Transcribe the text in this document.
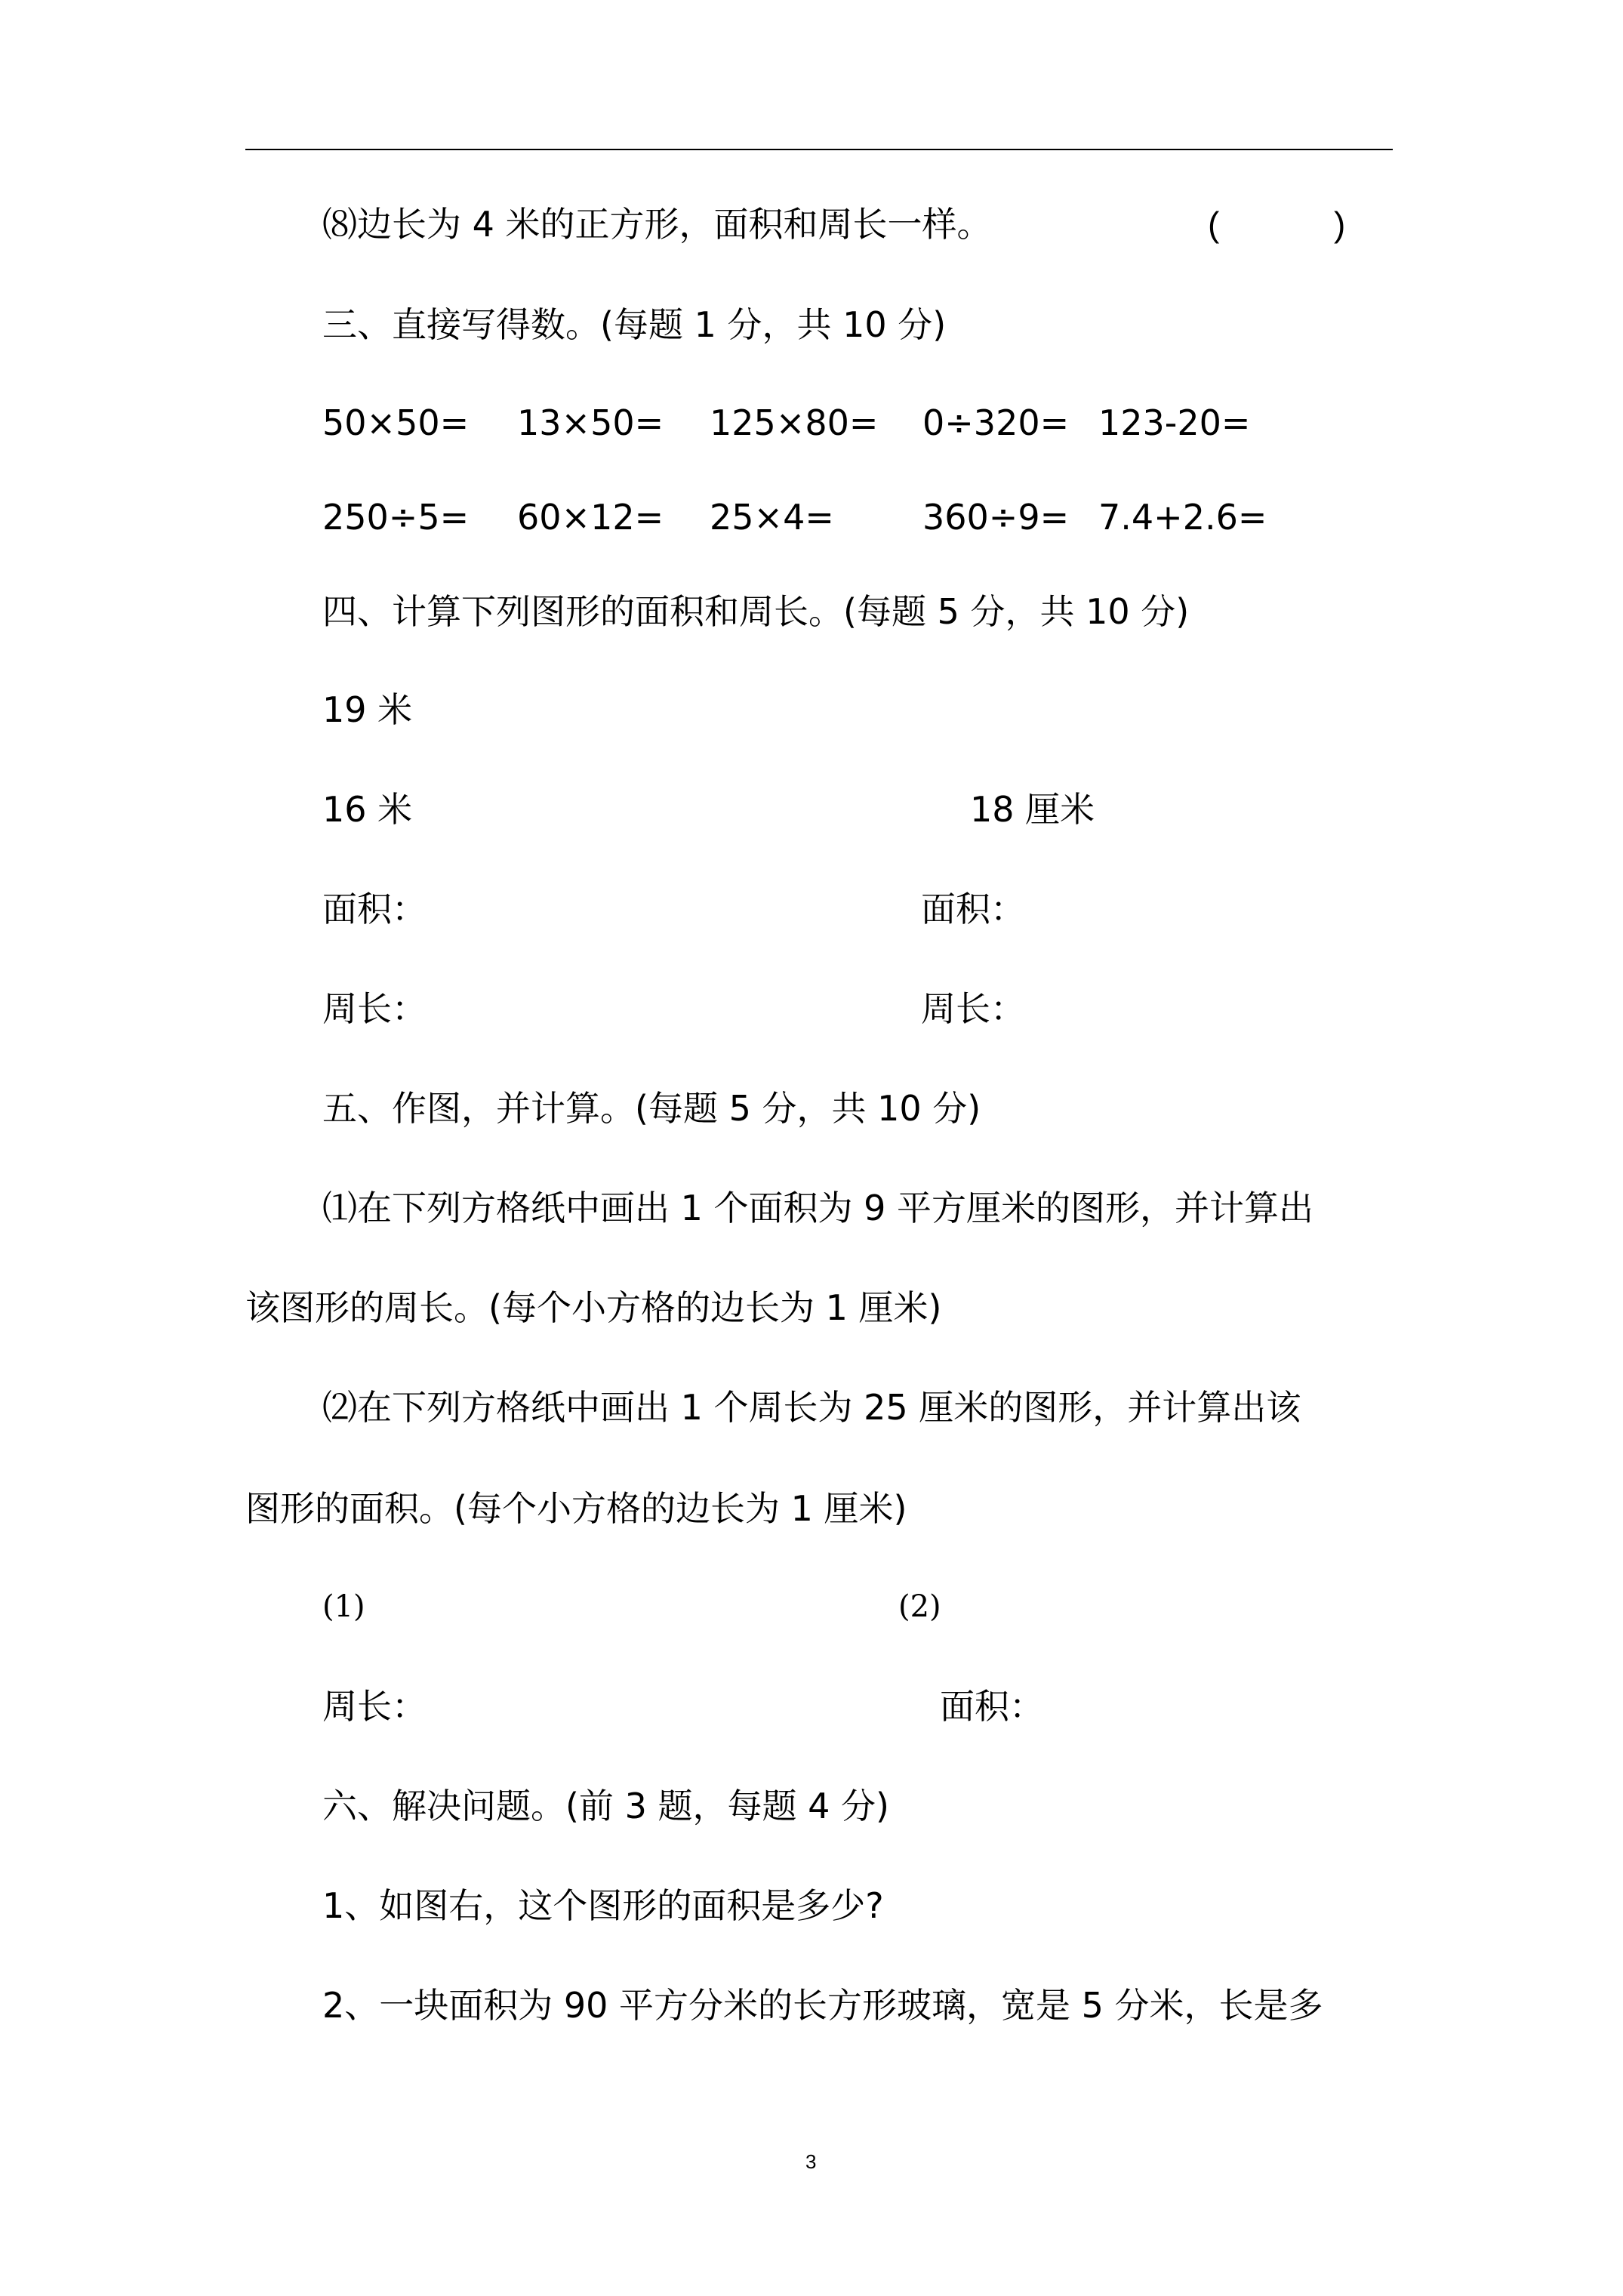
⑻边长为 4 米的正方形，面积和周长一样。	(	)
三、直接写得数。(每题 1 分，共 10 分)
50×50= 13×50= 125×80= 0÷320= 123-20=
250÷5= 60×12= 25×4=	360÷9= 7.4+2.6=
四、计算下列图形的面积和周长。(每题 5 分，共 10 分)
19 米
16 米	18 厘米
面积：	面积：
周长：	周长：
五、作图，并计算。(每题 5 分，共 10 分)
⑴在下列方格纸中画出 1 个面积为 9 平方厘米的图形，并计算出
该图形的周长。(每个小方格的边长为 1 厘米)
⑵在下列方格纸中画出 1 个周长为 25 厘米的图形，并计算出该
图形的面积。(每个小方格的边长为 1 厘米)
(1)	(2)
周长：	面积：
六、解决问题。(前 3 题，每题 4 分)
1、如图右，这个图形的面积是多少?
2、一块面积为 90 平方分米的长方形玻璃，宽是 5 分米，长是多
3
